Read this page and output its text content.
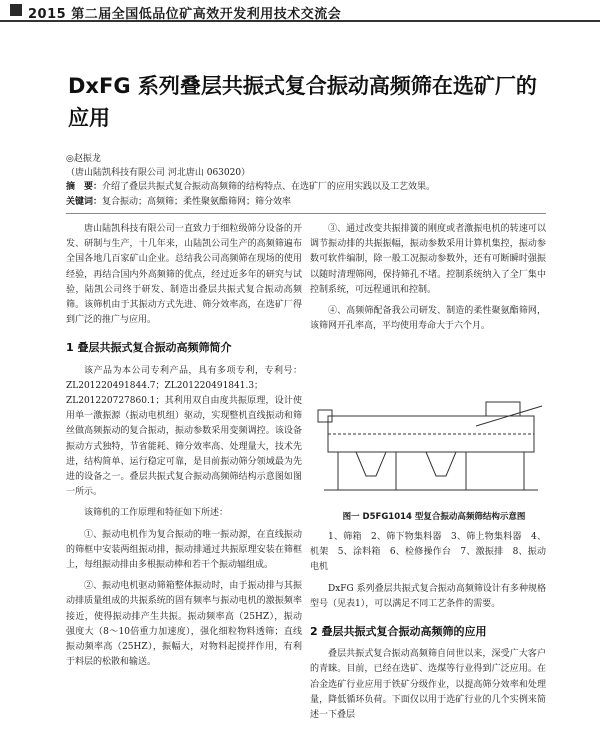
2015 第二届全国低品位矿高效开发利用技术交流会
DxFG 系列叠层共振式复合振动高频筛在选矿厂的应用
◎赵振龙
（唐山陆凯科技有限公司 河北唐山 063020）
摘　要：介绍了叠层共振式复合振动高频筛的结构特点、在选矿厂的应用实践以及工艺效果。
关键词：复合振动；高频筛；柔性聚氨酯筛网；筛分效率

唐山陆凯科技有限公司一直致力于细粒级筛分设备的开发、研制与生产，十几年来，山陆凯公司生产的高频筛遍布全国各地几百家矿山企业。总结我公司高频筛在现场的使用经验，再结合国内外高频筛的优点，经过近多年的研究与试验，陆凯公司终于研发、制造出叠层共振式复合振动高频筛。该筛机由于其振动方式先进、筛分效率高，在选矿厂得到广泛的推广与应用。

1 叠层共振式复合振动高频筛简介

该产品为本公司专利产品，具有多项专利，专利号：ZL201220491844.7；ZL201220491841.3；ZL201220727860.1；其利用双自由度共振原理，设计使用单一激振源（振动电机组）驱动，实现整机直线振动和筛丝做高频振动的复合振动，振动参数采用变频调控。该设备振动方式独特，节省能耗、筛分效率高、处理量大，技术先进，结构简单、运行稳定可靠，是目前振动筛分领域最为先进的设备之一。叠层共振式复合振动高频筛结构示意图如图一所示。

该筛机的工作原理和特征如下所述：

①、振动电机作为复合振动的唯一振动源，在直线振动的筛框中安装两组振动排，振动排通过共振原理安装在筛框上，每组振动排由多根振动棒和若干个振动辐组成。

②、振动电机驱动筛箱整体振动时，由于振动排与其振动排质量组成的共振系统的固有频率与振动电机的激振频率接近，使得振动排产生共振。振动频率高（25HZ），振动强度大（8～10倍重力加速度），强化细粒物料透筛；直线振动频率高（25HZ），振幅大，对物料起搅拌作用，有利于料层的松散和输送。

③、通过改变共振排簧的刚度或者激振电机的转速可以调节振动排的共振振幅，振动参数采用计算机集控，振动参数可软件编制，除一般工况振动参数外，还有可断瞬时强振以随时清理筛网，保持筛孔不堵。控制系统纳入了全厂集中控制系统，可远程通讯和控制。

④、高频筛配备我公司研发、制造的柔性聚氨酯筛网，该筛网开孔率高，平均使用寿命大于六个月。

图一 D5FG1014 型复合振动高频筛结构示意图

1、筛箱　2、筛下物集料器　3、筛上物集料器　4、机架　5、涂料箱　6、检修操作台　7、激振排　8、振动电机

DxFG 系列叠层共振式复合振动高频筛设计有多种规格型号（见表1），可以满足不同工艺条件的需要。

2 叠层共振式复合振动高频筛的应用

叠层共振式复合振动高频筛自问世以来，深受广大客户的青睐。目前，已经在选矿、选煤等行业得到广泛应用。在冶金选矿行业应用于铁矿分级作业，以提高筛分效率和处理量，降低循环负荷。下面仅以用于选矿行业的几个实例来简述一下叠层
